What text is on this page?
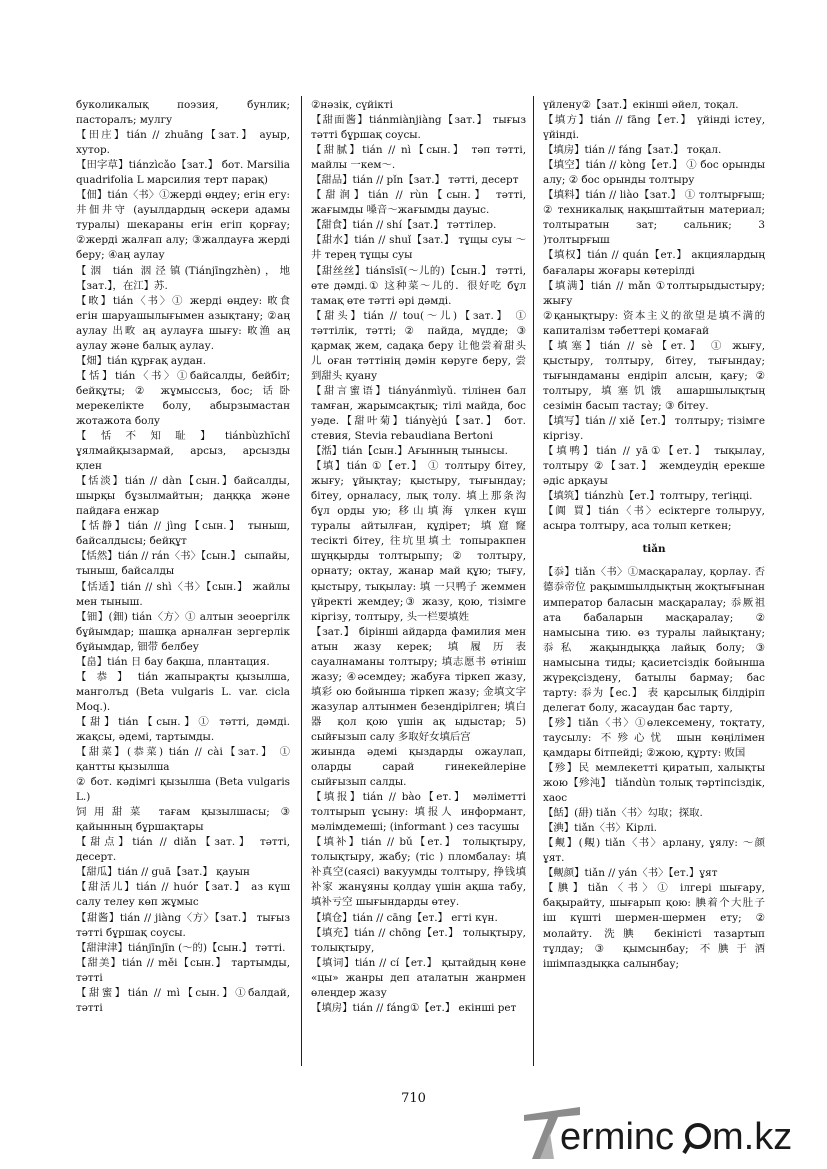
буколикалық поэзия, бунлик; пасторалъ; мулгу

【田庄】tián // zhuāng【зат.】 ауыр, хутор.

【田字草】tiánzìcǎo【зат.】 бот. Marsilia quadrifolia L марсилия терт парақ)

【佃】tián〈书〉①жерді өңдеу; егін егу: 井佃井守 (ауылдардың әскери адамы туралы) шекараны егін егіп қорғау; ②жерді жалғап алу; ③жалдауға жерді беру; ④аң аулау

【洇 tián 洇泾镇(Tiánjīngzhèn)，地【зат.】，在江】苏.

【畋】tián〈书〉① жерді өңдеу: 畋食 егін шаруашылығымен азықтану; ②аң аулау 出畋 аң аулауға шығу: 畋渔 аң аулау және балық аулау.

【畑】tián құрғақ аудан.

【恬】tián〈书〉①байсалды, бейбіт; бейқұты; ② жұмыссыз, бос; 话卧 мерекелікте болу, абырзымастан жотажота болу

【恬不知耻】tiánbùzhīchǐ ұялмайқызармай, арсыз, арсызды қлен

【恬淡】tián // dàn【сын.】байсалды, шырқы бұзылмайтын; даңққа және пайдаға енжар

【恬静】tián // jìng【сын.】 тыныш, байсалдысы; бейқұт

【恬然】tián // rán〈书〉【сын.】 сыпайы, тыныш, байсалды

【恬适】tián // shì〈书〉【сын.】 жайлы мен тыныш.

【钿】(鈿) tián〈方〉① алтын зеоергілк бұйымдар; шашқа арналған зергерлік бұйымдар, 钿带 белбеу

【畠】tián 日 бау бақша, плантация.

【 恭 】 tián жапырақты қызылша, манголъд (Beta vulgaris L. var. cicla Moq.).

【甜】tián【сын.】① тәтті, дәмді. жақсы, әдемі, тартымды.

【甜菜】(恭菜) tián // cài【зат.】 ① қантты қызылша

② бот. кәдімгі қызылша (Beta vulgaris L.)

饲用甜菜 тағам қызылшасы; ③ қайынның бұршақтары

【甜点】tián // diǎn【зат.】 тәтті, десерт.

【甜瓜】tián // guā【зат.】 қауын

【甜活儿】tián // huór【зат.】 аз күш салу телеу көп жұмыс

【甜酱】tián // jiàng〈方〉【зат.】 тығыз тәтті бұршақ соусы.

【甜津津】tiánjīnjīn (～的)【сын.】 тәтті.

【甜美】tián // měi【сын.】 тартымды, тәтті

【甜蜜】tián // mì【сын.】①балдай, тәтті

②нәзік, сүйікті

【甜面酱】tiánmiànjiàng【зат.】 тығыз тәтті бұршақ соусы.

【甜腻】tián // nì【сын.】 тәп тәтті, майлы 一кем～.

【甜品】tián // pǐn【зат.】 тәтті, десерт

【甜润】tián // rùn【сын.】 тәтті, жағымды 嗓音～жағымды дауыс.

【甜食】tián // shí【зат.】 тәттілер.

【甜水】tián // shuǐ【зат.】 тұщы суы ～井 терең тұщы суы

【甜丝丝】tiánsīsī(～儿的)【сын.】 тәтті, өте дәмді.① 这种菜～儿的．很好吃 бұл тамақ өте тәтті әрі дәмді.

【甜头】tián // tou(～儿)【зат.】 ① тәттілік, тәтті; ② пайда, мүдде; ③ қармақ жем, садақа беру 让他尝着甜头儿 оған тәттінің дәмін көруге беру, 尝到甜头 қуану

【甜言蜜语】tiányánmìyǔ. тілінен бал тамған, жарымсақтық; тілі майда, бос уәде.【甜叶菊】tiányèjú【зат.】 бот. стевия, Stevia rebaudiana Bertoni

【湉】tián【сын.】Ағынның тынысы.

【填】tián ①【ет.】 ① толтыру бітеу, жығу; ұйықтау; қыстыру, тығындау; бітеу, орналасу, лық толу. 填上那条沟 бұл орды ую; 移山填海 үлкен күш туралы айтылған, құдірет; 填窟窿 тесікті бітеу, 往坑里填土 топыракпен шұңқырды толтырыпу; ② толтыру, орнату; октау, жанар май құю; тығу, қыстыру, тықылау: 填 一只鸭子 жеммен үйректі жемдеу;③ жазу, қою, тізімге кіргізу, толтыру, 头一栏要填姓

【зат.】 біріншi айдарда фамилия мен атын жазу керек; 填履历表 сауалнаманы толтыру; 填志愿书 өтініш жазу; ④әсемдеу; жабуға тіркеп жазу, 填彩 ою бойынша тіркеп жазу; 金填文字 жазулар алтынмен безендірілген; 填白器 қол қою үшін ақ ыдыстар; 5) сыйғызып салу 多取好女填后宫

жиында әдемі қыздарды ожаулап, оларды сарай гинекейлеріне сыйғызып салды.

【填报】tián // bào【ет.】 мәліметті толтырып ұсыну: 填报人 информант, мәлімдемеші; (informant ) сез тасушы

【填补】tián // bǔ【ет.】 толықтыру, толықтыру, жабу; (тіс ) пломбалау: 填补真空(саясi) вакуумды толтыру, 挣钱填补家 жанұяны қолдау үшін ақша табу, 填补亏空 шығындарды өтеу.

【填仓】tián // cāng【ет.】 егті күн.

【填充】tián // chōng【ет.】 толықтыру, толықтыру,

【填词】tián // cí【ет.】 қытайдың көне «цы» жанры деп аталатын жанрмен өлеңдер жазу

【填房】tián // fáng①【ет.】 екінші рет

үйлену②【зат.】екінші әйел, тоқал.

【填方】tián // fāng【ет.】 үйінді істеу, үйінді.

【填房】tián // fáng【зат.】 тоқал.

【填空】tián // kòng【ет.】 ① бос орынды алу; ② бос орынды толтыру

【填料】tián // liào【зат.】 ① толтырғыш; ② техникалық нақыштайтын материал; толтыратын зат; сальник; 3 )толтырғыш

【填权】tián // quán【ет.】 акциялардың бағалары жоғары көтерілді

【填满】tián // mǎn ①толтырыдыстыру; жығу

②қанықтыру: 资本主义的欲望是填不满的 капиталізм тәбеттері қомағай

【填塞】tián // sè【ет.】 ① жығу, қыстыру, толтыру, бітеу, тығындау; тығындаманы ендіріп алсын, қағу; ② толтыру, 填塞饥饿 ашаршылықтың сезімін басып тастау; ③ бітеу.

【填写】tián // xiě【ет.】 толтыру; тізімге кіргізу.

【填鸭】tián // yā①【ет.】 тықылау, толтыру ②【зат.】 жемдеудің ерекше әдіс арқауы

【填筑】tiánzhù【ет.】толтыру, теґіңці.

【阗 買】tián〈书〉есіктерге толыруу, асыра толтыру, аса толып кеткен;

tiǎn

【忝】tiǎn〈书〉①масқаралау, қорлау. 否德忝帝位 рақымшылдықтың жоқтығынан император баласын масқаралау; 忝厥祖 ата бабаларын масқаралау; ② намысына тию. өз туралы лайықтану; 忝私 жақындыққа лайық болу; ③ намысына тиды; қасиетсіздік бойынша жүреқсіздену, батылы бармау; бас тарту: 忝为【ес.】 表 қарсылық білдіріп делегат болу, жасаудан бас тарту,

【殄】tiǎn〈书〉①өлексемену, тоқтату, таусылу: 不殄心忧 шын көңілімен қамдары бітпейді; ②жою, құрту: 败国

【殄】民 мемлекетті қиратып, халықты жою【殄沌】 tiǎndùn толық тәртіпсіздік, хаос

【餂】(䑙) tiǎn〈书〉勾取；探取.

【淟】tiǎn〈书〉Кірлі.

【觍】(覥) tiǎn〈书〉арлану, ұялу: ～颜 ұят.

【觍颜】tiǎn // yán〈书〉【ет.】ұят

【腆】tiǎn〈书〉① ілгері шығару, бақырайту, шығарып қою: 腆着个大肚子 іш күшті шермен-шермен ету; ② молайту. 洗腆 бекіністі тазартып тұлдау; ③ қымсынбау; 不腆于酒 ішімпаздықка салынбау;

710
erminc m.kz
